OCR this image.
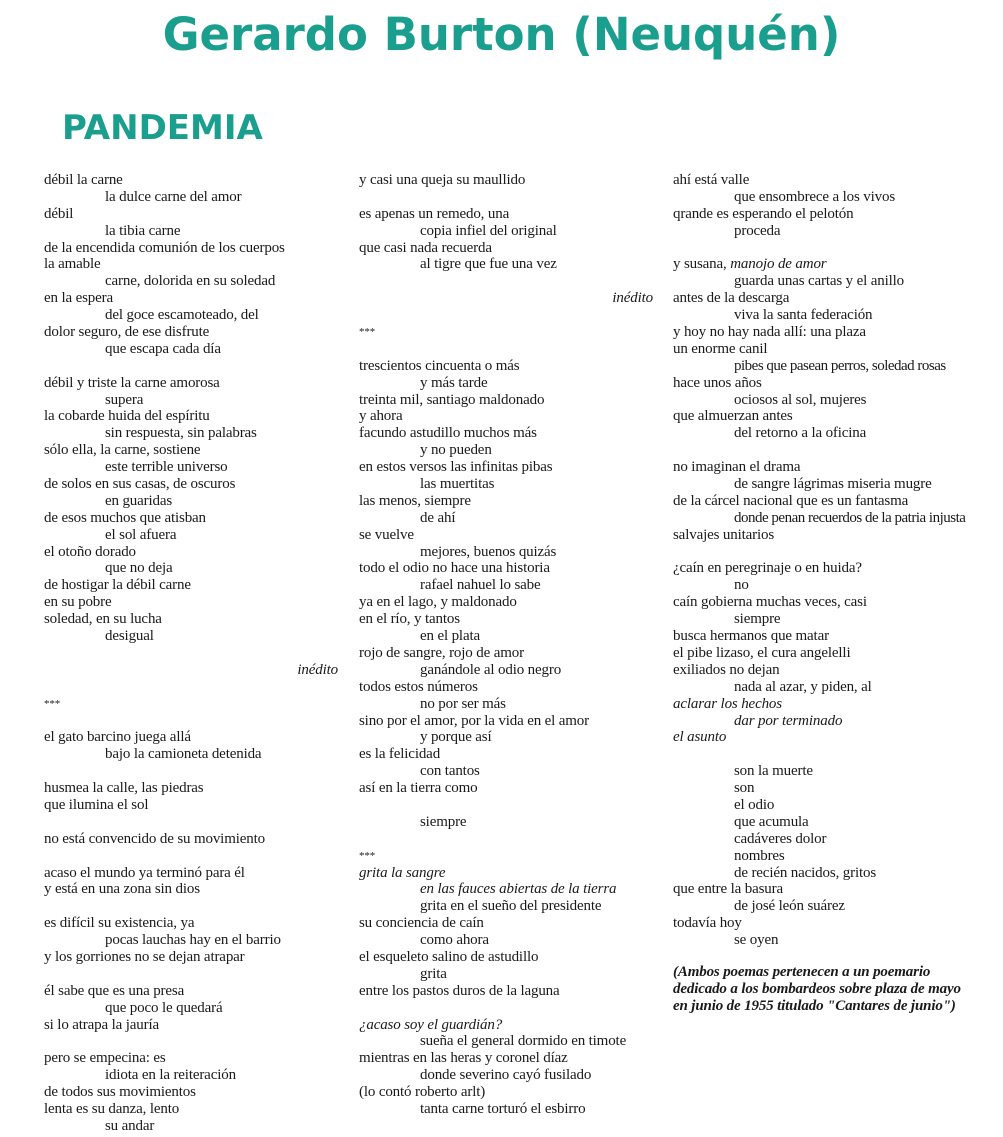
Gerardo Burton (Neuquén)
PANDEMIA
débil la carne
la dulce carne del amor
débil
la tibia carne
de la encendida comunión de los cuerpos
la amable
carne, dolorida en su soledad
en la espera
del goce escamoteado, del
dolor seguro, de ese disfrute
que escapa cada día
débil y triste la carne amorosa
supera
la cobarde huida del espíritu
sin respuesta, sin palabras
sólo ella, la carne, sostiene
este terrible universo
de solos en sus casas, de oscuros
en guaridas
de esos muchos que atisban
el sol afuera
el otoño dorado
que no deja
de hostigar la débil carne
en su pobre
soledad, en su lucha
desigual
inédito
***
el gato barcino juega allá
bajo la camioneta detenida
husmea la calle, las piedras
que ilumina el sol
no está convencido de su movimiento
acaso el mundo ya terminó para él
y está en una zona sin dios
es difícil su existencia, ya
pocas lauchas hay en el barrio
y los gorriones no se dejan atrapar
él sabe que es una presa
que poco le quedará
si lo atrapa la jauría
pero se empecina: es
idiota en la reiteración
de todos sus movimientos
lenta es su danza, lento
su andar
y casi una queja su maullido
es apenas un remedo, una
copia infiel del original
que casi nada recuerda
al tigre que fue una vez
inédito
***
trescientos cincuenta o más
y más tarde
treinta mil, santiago maldonado
y ahora
facundo astudillo muchos más
y no pueden
en estos versos las infinitas pibas
las muertitas
las menos, siempre
de ahí
se vuelve
mejores, buenos quizás
todo el odio no hace una historia
rafael nahuel lo sabe
ya en el lago, y maldonado
en el río, y tantos
en el plata
rojo de sangre, rojo de amor
ganándole al odio negro
todos estos números
no por ser más
sino por el amor, por la vida en el amor
y porque así
es la felicidad
con tantos
así en la tierra como
siempre
***
grita la sangre
en las fauces abiertas de la tierra
grita en el sueño del presidente
su conciencia de caín
como ahora
el esqueleto salino de astudillo
grita
entre los pastos duros de la laguna
¿acaso soy el guardián?
sueña el general dormido en timote
mientras en las heras y coronel díaz
donde severino cayó fusilado
(lo contó roberto arlt)
tanta carne torturó el esbirro
ahí está valle
que ensombrece a los vivos
qrande es esperando el pelotón
proceda
y susana, manojo de amor
guarda unas cartas y el anillo
antes de la descarga
viva la santa federación
y hoy no hay nada allí: una plaza
un enorme canil
pibes que pasean perros, soledad rosas
hace unos años
ociosos al sol, mujeres
que almuerzan antes
del retorno a la oficina
no imaginan el drama
de sangre lágrimas miseria mugre
de la cárcel nacional que es un fantasma
donde penan recuerdos de la patria injusta
salvajes unitarios
¿caín en peregrinaje o en huida?
no
caín gobierna muchas veces, casi
siempre
busca hermanos que matar
el pibe lizaso, el cura angelelli
exiliados no dejan
nada al azar, y piden, al
aclarar los hechos
dar por terminado
el asunto
son la muerte
son
el odio
que acumula
cadáveres dolor
nombres
de recién nacidos, gritos
que entre la basura
de josé león suárez
todavía hoy
se oyen
(Ambos poemas pertenecen a un poemario dedicado a los bombardeos sobre plaza de mayo en junio de 1955 titulado "Cantares de junio")
